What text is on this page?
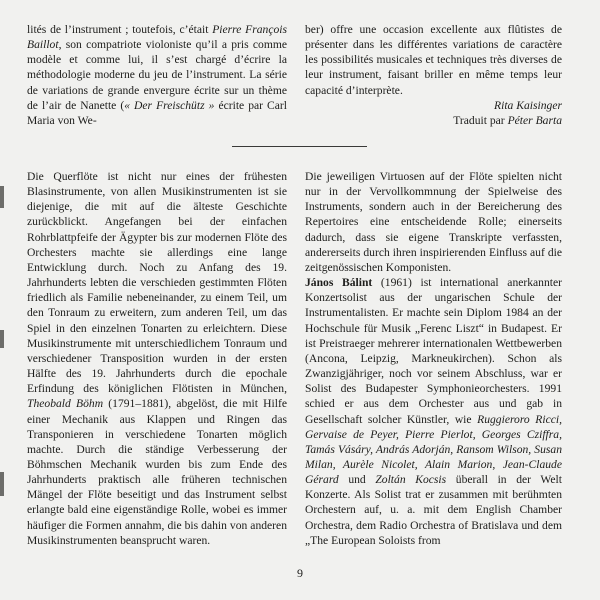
lités de l’instrument ; toutefois, c’était Pierre François Baillot, son compatriote violoniste qu’il a pris comme modèle et comme lui, il s’est chargé d’écrire la méthodologie moderne du jeu de l’instrument. La série de variations de grande envergure écrite sur un thème de l’air de Nanette (« Der Freischütz » écrite par Carl Maria von We-

ber) offre une occasion excellente aux flûtistes de présenter dans les différentes variations de caractère les possibilités musicales et techniques très diverses de leur instrument, faisant briller en même temps leur capacité d’interprète.

Rita Kaisinger

Traduit par Péter Barta

Die Querflöte ist nicht nur eines der frühesten Blasinstrumente, von allen Musikinstrumenten ist sie diejenige, die mit auf die älteste Geschichte zurückblickt. Angefangen bei der einfachen Rohrblattpfeife der Ägypter bis zur modernen Flöte des Orchesters machte sie allerdings eine lange Entwicklung durch. Noch zu Anfang des 19. Jahrhunderts lebten die verschieden gestimmten Flöten friedlich als Familie nebeneinander, zu einem Teil, um den Tonraum zu erweitern, zum anderen Teil, um das Spiel in den einzelnen Tonarten zu erleichtern. Diese Musikinstrumente mit unterschiedlichem Tonraum und verschiedener Transposition wurden in der ersten Hälfte des 19. Jahrhunderts durch die epochale Erfindung des königlichen Flötisten in München, Theobald Böhm (1791–1881), abgelöst, die mit Hilfe einer Mechanik aus Klappen und Ringen das Transponieren in verschiedene Tonarten möglich machte. Durch die ständige Verbesserung der Böhmschen Mechanik wurden bis zum Ende des Jahrhunderts praktisch alle früheren technischen Mängel der Flöte beseitigt und das Instrument selbst erlangte bald eine eigenständige Rolle, wobei es immer häufiger die Formen annahm, die bis dahin von anderen Musikinstrumenten beansprucht waren.

Die jeweiligen Virtuosen auf der Flöte spielten nicht nur in der Vervollkommnung der Spielweise des Instruments, sondern auch in der Bereicherung des Repertoires eine entscheidende Rolle; einerseits dadurch, dass sie eigene Transkripte verfassten, andererseits durch ihren inspirierenden Einfluss auf die zeitgenössischen Komponisten.

János Bálint (1961) ist international anerkannter Konzertsolist aus der ungarischen Schule der Instrumentalisten. Er machte sein Diplom 1984 an der Hochschule für Musik „Ferenc Liszt“ in Budapest. Er ist Preistraeger mehrerer internationalen Wettbewerben (Ancona, Leipzig, Markneukirchen). Schon als Zwanzigjähriger, noch vor seinem Abschluss, war er Solist des Budapester Symphonieorchesters. 1991 schied er aus dem Orchester aus und gab in Gesellschaft solcher Künstler, wie Ruggieroro Ricci, Gervaise de Peyer, Pierre Pierlot, Georges Cziffra, Tamás Vásáry, András Adorján, Ransom Wilson, Susan Milan, Aurèle Nicolet, Alain Marion, Jean-Claude Gérard und Zoltán Kocsis überall in der Welt Konzerte. Als Solist trat er zusammen mit berühmten Orchestern auf, u. a. mit dem English Chamber Orchestra, dem Radio Orchestra of Bratislava und dem „The European Soloists from

9
